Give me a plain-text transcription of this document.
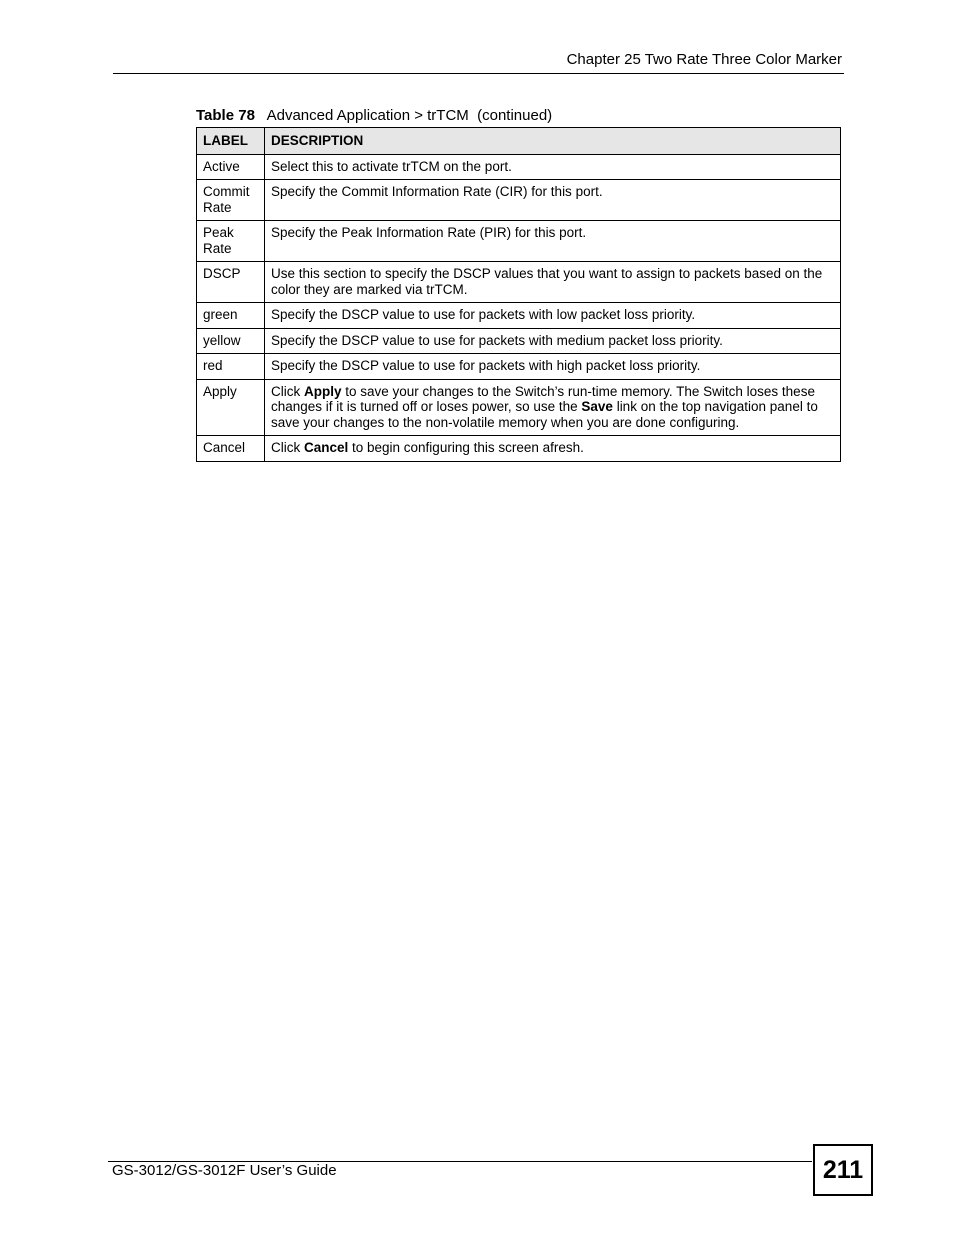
Chapter 25 Two Rate Three Color Marker
Table 78 Advanced Application > trTCM  (continued)
LABEL	DESCRIPTION
Active	Select this to activate trTCM on the port.
Commit Rate	Specify the Commit Information Rate (CIR) for this port.
Peak Rate	Specify the Peak Information Rate (PIR) for this port.
DSCP	Use this section to specify the DSCP values that you want to assign to packets based on the color they are marked via trTCM.
green	Specify the DSCP value to use for packets with low packet loss priority.
yellow	Specify the DSCP value to use for packets with medium packet loss priority.
red	Specify the DSCP value to use for packets with high packet loss priority.
Apply	Click Apply to save your changes to the Switch’s run-time memory. The Switch loses these changes if it is turned off or loses power, so use the Save link on the top navigation panel to save your changes to the non-volatile memory when you are done configuring.
Cancel	Click Cancel to begin configuring this screen afresh.
GS-3012/GS-3012F User’s Guide	211
